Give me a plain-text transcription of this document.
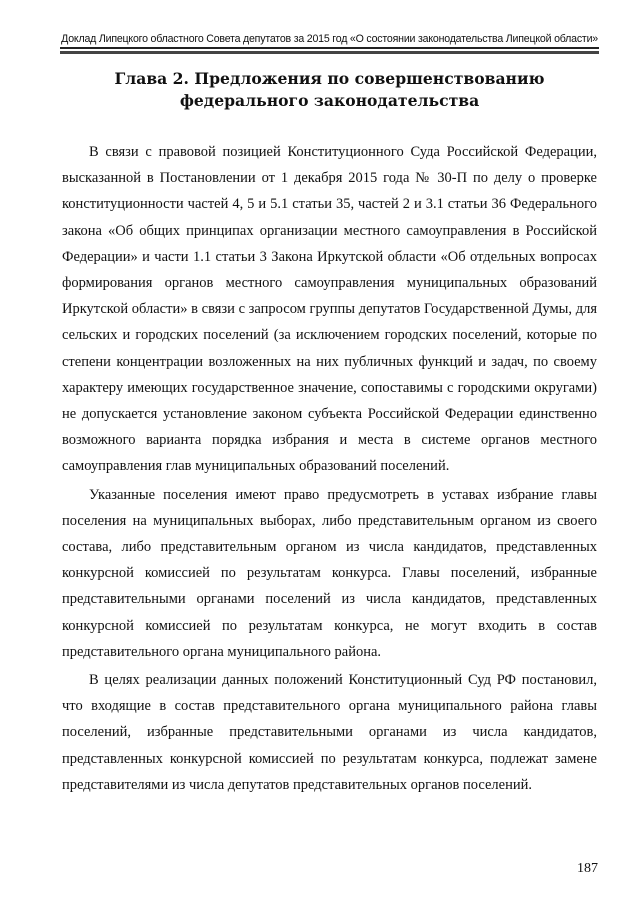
Доклад Липецкого областного Совета депутатов за 2015 год «О состоянии законодательства Липецкой области»
Глава 2. Предложения по совершенствованию
федерального законодательства

В связи с правовой позицией Конституционного Суда Российской Федерации, высказанной в Постановлении от 1 декабря 2015 года № 30-П по делу о проверке конституционности частей 4, 5 и 5.1 статьи 35, частей 2 и 3.1 статьи 36 Федерального закона «Об общих принципах организации местного самоуправления в Российской Федерации» и части 1.1 статьи 3 Закона Иркутской области «Об отдельных вопросах формирования органов местного самоуправления муниципальных образований Иркутской области» в связи с запросом группы депутатов Государственной Думы, для сельских и городских поселений (за исключением городских поселений, которые по степени концентрации возложенных на них публичных функций и задач, по своему характеру имеющих государственное значение, сопоставимы с городскими округами) не допускается установление законом субъекта Российской Федерации единственно возможного варианта порядка избрания и места в системе органов местного самоуправления глав муниципальных образований поселений.

Указанные поселения имеют право предусмотреть в уставах избрание главы поселения на муниципальных выборах, либо представительным органом из своего состава, либо представительным органом из числа кандидатов, представленных конкурсной комиссией по результатам конкурса. Главы поселений, избранные представительными органами поселений из числа кандидатов, представленных конкурсной комиссией по результатам конкурса, не могут входить в состав представительного органа муниципального района.

В целях реализации данных положений Конституционный Суд РФ постановил, что входящие в состав представительного органа муниципального района главы поселений, избранные представительными органами из числа кандидатов, представленных конкурсной комиссией по результатам конкурса, подлежат замене представителями из числа депутатов представительных органов поселений.

187
